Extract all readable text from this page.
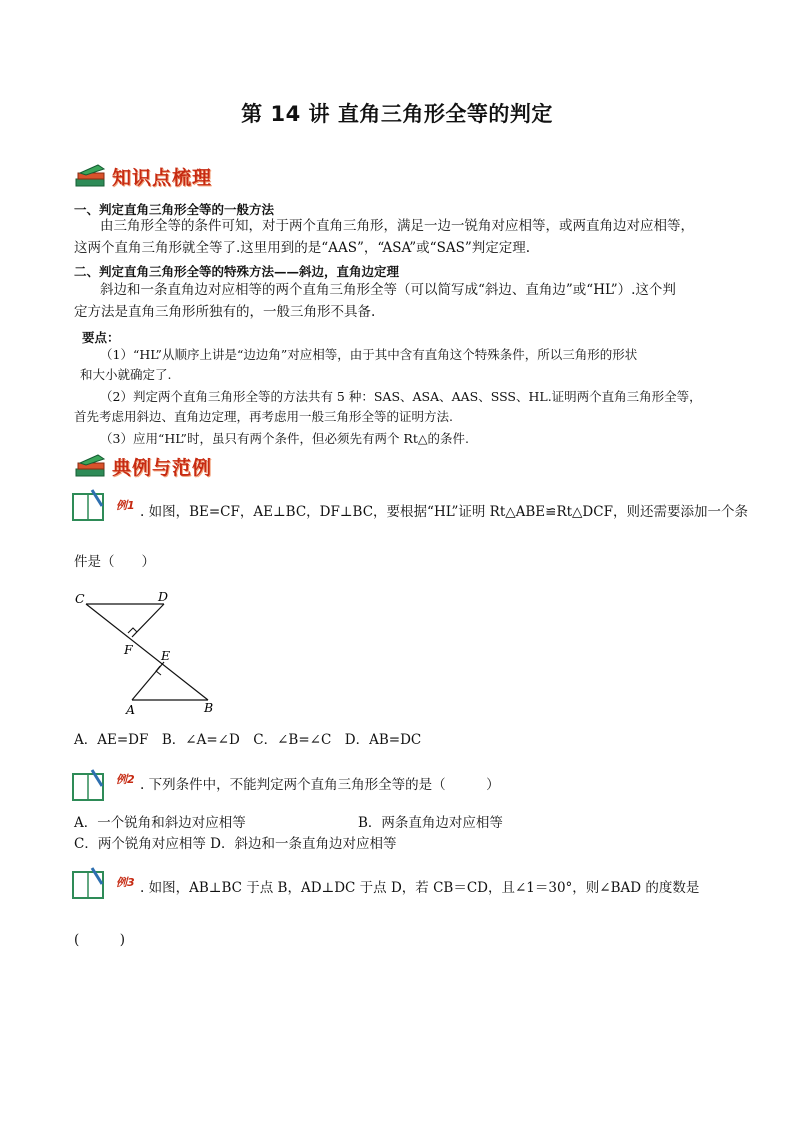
第 14 讲 直角三角形全等的判定
知识点梳理
一、判定直角三角形全等的一般方法
由三角形全等的条件可知，对于两个直角三角形，满足一边一锐角对应相等，或两直角边对应相等，
这两个直角三角形就全等了.这里用到的是“AAS”，“ASA”或“SAS”判定定理.
二、判定直角三角形全等的特殊方法——斜边，直角边定理
斜边和一条直角边对应相等的两个直角三角形全等（可以简写成“斜边、直角边”或“HL”）.这个判
定方法是直角三角形所独有的，一般三角形不具备.
要点：
（1）“HL”从顺序上讲是“边边角”对应相等，由于其中含有直角这个特殊条件，所以三角形的形状
和大小就确定了.
（2）判定两个直角三角形全等的方法共有 5 种：SAS、ASA、AAS、SSS、HL.证明两个直角三角形全等，
首先考虑用斜边、直角边定理，再考虑用一般三角形全等的证明方法.
（3）应用“HL”时，虽只有两个条件，但必须先有两个 Rt△的条件.
典例与范例
例1 . 如图，BE=CF，AE⊥BC，DF⊥BC，要根据“HL”证明 Rt△ABE≌Rt△DCF，则还需要添加一个条
件是（　　）
C	D
F E
A	B
A．AE=DF　B．∠A=∠D　C．∠B=∠C　D．AB=DC
例2 . 下列条件中，不能判定两个直角三角形全等的是（　　　）
A．一个锐角和斜边对应相等	B．两条直角边对应相等
C．两个锐角对应相等 D．斜边和一条直角边对应相等
例3 . 如图，AB⊥BC 于点 B，AD⊥DC 于点 D，若 CB＝CD，且∠1＝30°，则∠BAD 的度数是
(　　　)
